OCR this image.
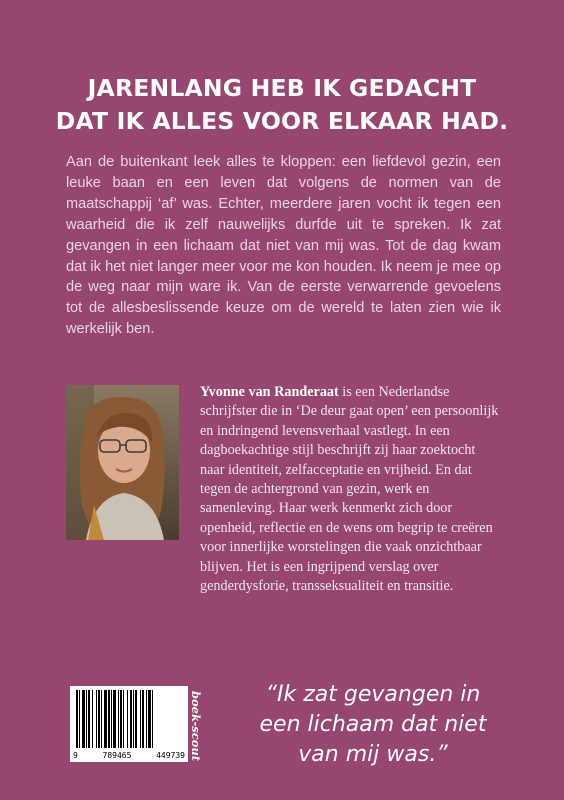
JARENLANG HEB IK GEDACHT
DAT IK ALLES VOOR ELKAAR HAD.

Aan de buitenkant leek alles te kloppen: een liefdevol gezin, een leuke baan en een leven dat volgens de normen van de maatschappij ‘af’ was. Echter, meerdere jaren vocht ik tegen een waarheid die ik zelf nauwelijks durfde uit te spreken. Ik zat gevangen in een lichaam dat niet van mij was. Tot de dag kwam dat ik het niet langer meer voor me kon houden. Ik neem je mee op de weg naar mijn ware ik. Van de eerste verwarrende gevoelens tot de allesbeslissende keuze om de wereld te laten zien wie ik werkelijk ben.

Yvonne van Randeraat is een Nederlandse schrijfster die in ‘De deur gaat open’ een persoonlijk en indringend levensverhaal vastlegt. In een dagboekachtige stijl beschrijft zij haar zoektocht naar identiteit, zelfacceptatie en vrijheid. En dat tegen de achtergrond van gezin, werk en samenleving. Haar werk kenmerkt zich door openheid, reflectie en de wens om begrip te creëren voor innerlijke worstelingen die vaak onzichtbaar blijven. Het is een ingrijpend verslag over genderdysforie, transseksualiteit en transitie.

9	789465	449739 boek-scout	“Ik zat gevangen in
een lichaam dat niet
van mij was.”
